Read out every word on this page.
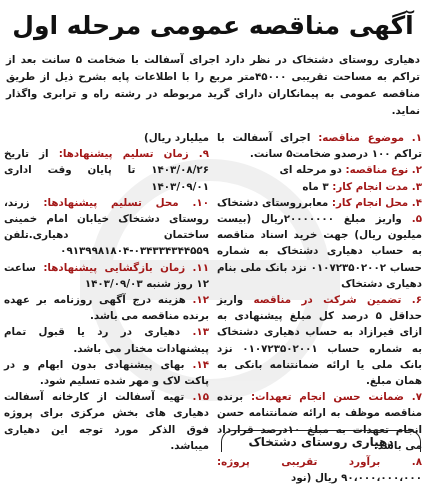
آگهی مناقصه عمومی مرحله اول
دهیاری روستای دشتخاک در نظر دارد اجرای آسفالت با ضخامت ۵ سانت بعد از تراکم به مساحت تقریبی ۴۵۰۰۰متر مربع را با اطلاعات پایه بشرح ذیل از طریق مناقصه عمومی به پیمانکاران دارای گرید مربوطه در رشته راه و ترابری واگذار نماید.
۱. موضوع مناقصه: اجرای آسفالت با تراکم ۱۰۰ درصدو ضخامت۵ سانت.
۲. نوع مناقصه: دو مرحله ای
۳. مدت انجام کار: ۳ ماه
۴. محل انجام کار: معابرروستای دشتخاک
۵. واریز مبلغ ۲۰۰۰۰۰۰۰ریال (بیست میلیون ریال) جهت خرید اسناد مناقصه به حساب دهیاری دشتخاک به شماره حساب ۰۱۰۷۲۳۵۰۲۰۰۲ نزد بانک ملی بنام دهیاری دشتخاک
۶. تضمین شرکت در مناقصه واریز حداقل ۵ درصد کل مبلغ پیشنهادی به ازای فیرازاد به حساب دهیاری دشتخاک به شماره حساب ۰۱۰۷۲۳۵۰۲۰۰۱ نزد بانک ملی یا ارائه ضمانتنامه بانکی به همان مبلغ.
۷. ضمانت حسن انجام تعهدات: برنده مناقصه موظف به ارائه ضمانتنامه حسن انجام تعهدات به مبلغ ۱۰درصد قرارداد می باشد.
۸. برآورد تقریبی پروژه: ۹۰،۰۰۰،۰۰۰،۰۰۰ ریال (نود
میلیارد ریال)
۹. زمان تسلیم پیشنهادها: از تاریخ ۱۴۰۳/۰۸/۲۶ تا پایان وقت اداری ۱۴۰۳/۰۹/۰۱
۱۰. محل تسلیم پیشنهادها: زرند، روستای دشتخاک خیابان امام خمینی ساختمان دهیاری.تلفن ۰۳۴۳۳۴۳۴۴۵۵۹-۰۹۱۳۹۹۸۱۸۰۴
۱۱. زمان بازگشایی پیشنهادها: ساعت ۱۲ روز شنبه ۱۴۰۳/۰۹/۰۳
۱۲. هزینه درج آگهی روزنامه بر عهده برنده مناقصه می باشد.
۱۳. دهیاری در رد یا قبول تمام پیشنهادات مختار می باشد.
۱۴. بهای پیشنهادی بدون ابهام و در پاکت لاک و مهر شده تسلیم شود.
۱۵. تهیه آسفالت از کارخانه آسفالت دهیاری های بخش مرکزی برای پروژه فوق الذکر مورد توجه این دهیاری میباشد.	دهیاری روستای دشتخاک
